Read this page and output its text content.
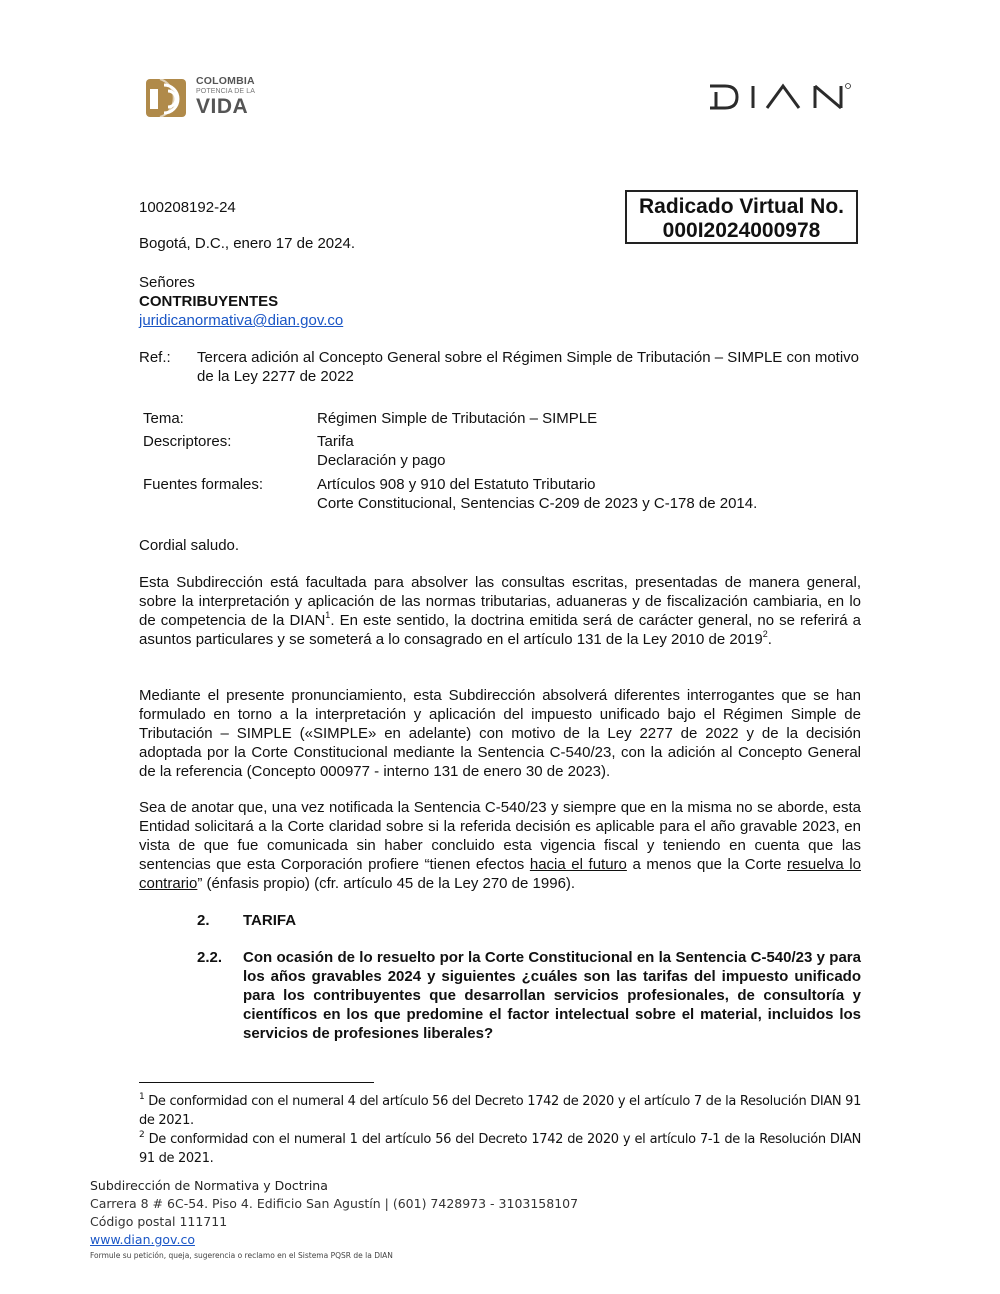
COLOMBIA
POTENCIA DE LA
VIDA
Radicado Virtual No.
000I2024000978
100208192-24
Bogotá, D.C., enero 17 de 2024.
Señores
CONTRIBUYENTES
juridicanormativa@dian.gov.co
Ref.: Tercera adición al Concepto General sobre el Régimen Simple de Tributación – SIMPLE con motivo de la Ley 2277 de 2022
Tema:	Régimen Simple de Tributación – SIMPLE
Descriptores:	Tarifa
Declaración y pago
Fuentes formales:	Artículos 908 y 910 del Estatuto Tributario
Corte Constitucional, Sentencias C-209 de 2023 y C-178 de 2014.
Cordial saludo.
Esta Subdirección está facultada para absolver las consultas escritas, presentadas de manera general, sobre la interpretación y aplicación de las normas tributarias, aduaneras y de fiscalización cambiaria, en lo de competencia de la DIAN$^1$. En este sentido, la doctrina emitida será de carácter general, no se referirá a asuntos particulares y se someterá a lo consagrado en el artículo 131 de la Ley 2010 de 2019$^2$.
Mediante el presente pronunciamiento, esta Subdirección absolverá diferentes interrogantes que se han formulado en torno a la interpretación y aplicación del impuesto unificado bajo el Régimen Simple de Tributación – SIMPLE («SIMPLE» en adelante) con motivo de la Ley 2277 de 2022 y de la decisión adoptada por la Corte Constitucional mediante la Sentencia C-540/23, con la adición al Concepto General de la referencia (Concepto 000977 - interno 131 de enero 30 de 2023).
Sea de anotar que, una vez notificada la Sentencia C-540/23 y siempre que en la misma no se aborde, esta Entidad solicitará a la Corte claridad sobre si la referida decisión es aplicable para el año gravable 2023, en vista de que fue comunicada sin haber concluido esta vigencia fiscal y teniendo en cuenta que las sentencias que esta Corporación profiere “tienen efectos hacia el futuro a menos que la Corte resuelva lo contrario” (énfasis propio) (cfr. artículo 45 de la Ley 270 de 1996).
2. TARIFA
2.2. Con ocasión de lo resuelto por la Corte Constitucional en la Sentencia C-540/23 y para los años gravables 2024 y siguientes ¿cuáles son las tarifas del impuesto unificado para los contribuyentes que desarrollan servicios profesionales, de consultoría y científicos en los que predomine el factor intelectual sobre el material, incluidos los servicios de profesiones liberales?
$^1$ De conformidad con el numeral 4 del artículo 56 del Decreto 1742 de 2020 y el artículo 7 de la Resolución DIAN 91 de 2021.
$^2$ De conformidad con el numeral 1 del artículo 56 del Decreto 1742 de 2020 y el artículo 7-1 de la Resolución DIAN 91 de 2021.
Subdirección de Normativa y Doctrina
Carrera 8 # 6C-54. Piso 4. Edificio San Agustín | (601) 7428973 - 3103158107
Código postal 111711
www.dian.gov.co
Formule su petición, queja, sugerencia o reclamo en el Sistema PQSR de la DIAN
